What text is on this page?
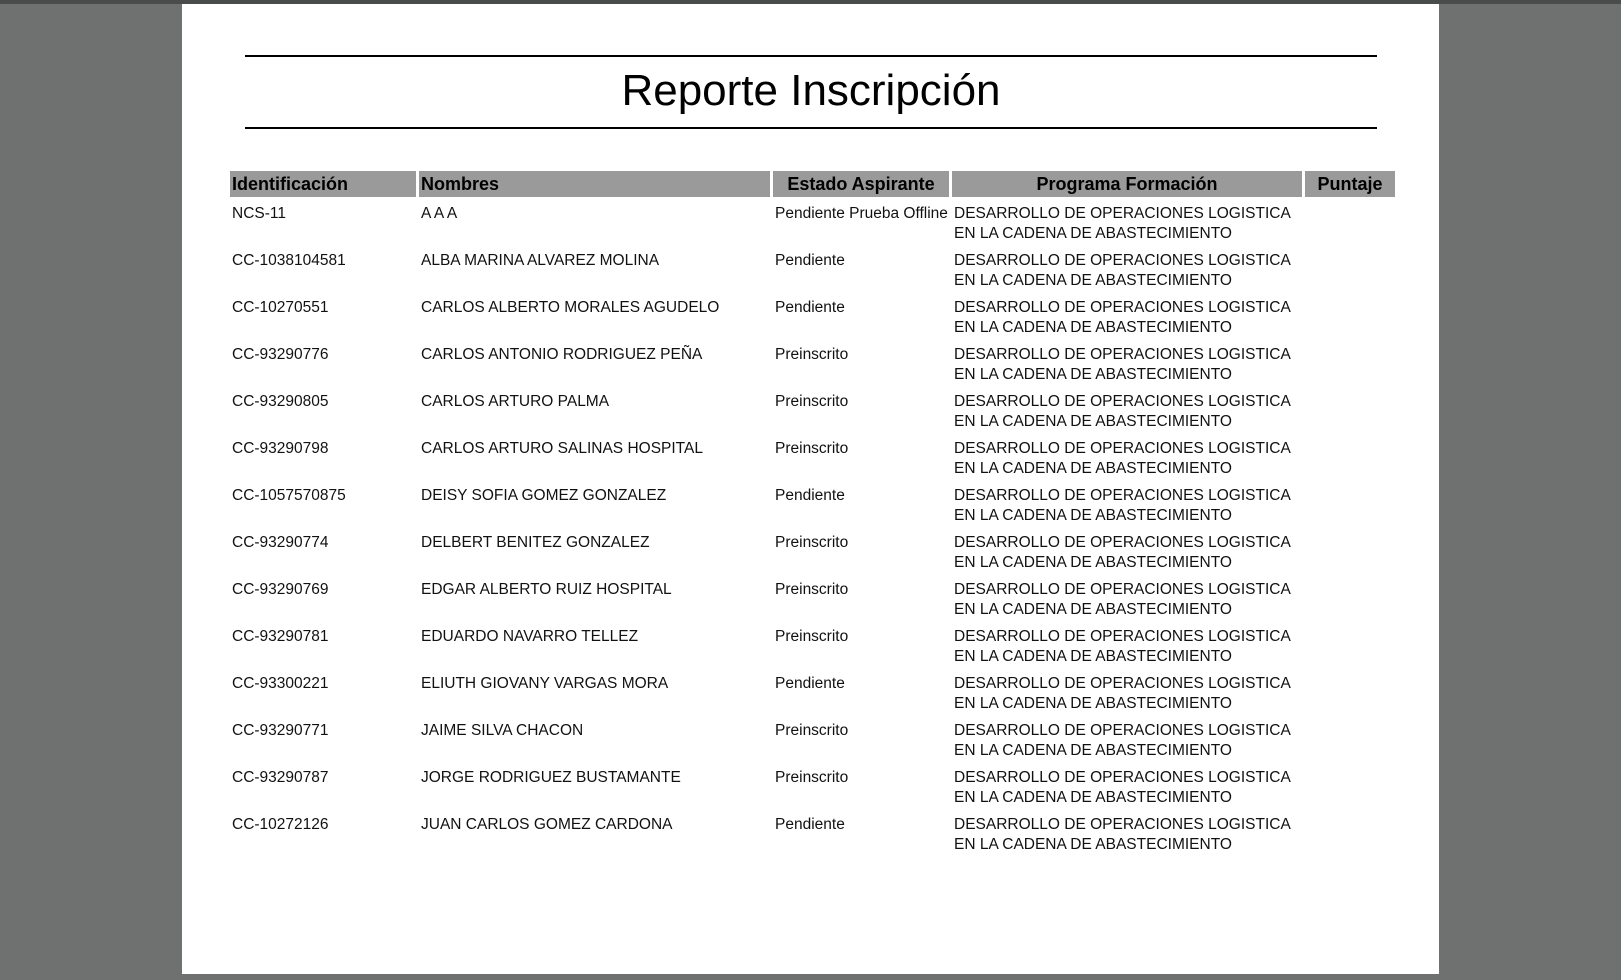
Reporte Inscripción
Identificación	Nombres	Estado Aspirante	Programa Formación	Puntaje
NCS-11	A A A	Pendiente Prueba Offline	DESARROLLO DE OPERACIONES LOGISTICA
EN LA CADENA DE ABASTECIMIENTO	

CC-1038104581	ALBA MARINA ALVAREZ MOLINA	Pendiente	DESARROLLO DE OPERACIONES LOGISTICA
EN LA CADENA DE ABASTECIMIENTO	

CC-10270551	CARLOS ALBERTO MORALES AGUDELO	Pendiente	DESARROLLO DE OPERACIONES LOGISTICA
EN LA CADENA DE ABASTECIMIENTO	

CC-93290776	CARLOS ANTONIO RODRIGUEZ PEÑA	Preinscrito	DESARROLLO DE OPERACIONES LOGISTICA
EN LA CADENA DE ABASTECIMIENTO	

CC-93290805	CARLOS ARTURO PALMA	Preinscrito	DESARROLLO DE OPERACIONES LOGISTICA
EN LA CADENA DE ABASTECIMIENTO	

CC-93290798	CARLOS ARTURO SALINAS HOSPITAL	Preinscrito	DESARROLLO DE OPERACIONES LOGISTICA
EN LA CADENA DE ABASTECIMIENTO	

CC-1057570875	DEISY SOFIA GOMEZ GONZALEZ	Pendiente	DESARROLLO DE OPERACIONES LOGISTICA
EN LA CADENA DE ABASTECIMIENTO	

CC-93290774	DELBERT BENITEZ GONZALEZ	Preinscrito	DESARROLLO DE OPERACIONES LOGISTICA
EN LA CADENA DE ABASTECIMIENTO	

CC-93290769	EDGAR ALBERTO RUIZ HOSPITAL	Preinscrito	DESARROLLO DE OPERACIONES LOGISTICA
EN LA CADENA DE ABASTECIMIENTO	

CC-93290781	EDUARDO NAVARRO TELLEZ	Preinscrito	DESARROLLO DE OPERACIONES LOGISTICA
EN LA CADENA DE ABASTECIMIENTO	

CC-93300221	ELIUTH GIOVANY VARGAS MORA	Pendiente	DESARROLLO DE OPERACIONES LOGISTICA
EN LA CADENA DE ABASTECIMIENTO	

CC-93290771	JAIME SILVA CHACON	Preinscrito	DESARROLLO DE OPERACIONES LOGISTICA
EN LA CADENA DE ABASTECIMIENTO	

CC-93290787	JORGE RODRIGUEZ BUSTAMANTE	Preinscrito	DESARROLLO DE OPERACIONES LOGISTICA
EN LA CADENA DE ABASTECIMIENTO	

CC-10272126	JUAN CARLOS GOMEZ CARDONA	Pendiente	DESARROLLO DE OPERACIONES LOGISTICA
EN LA CADENA DE ABASTECIMIENTO	
